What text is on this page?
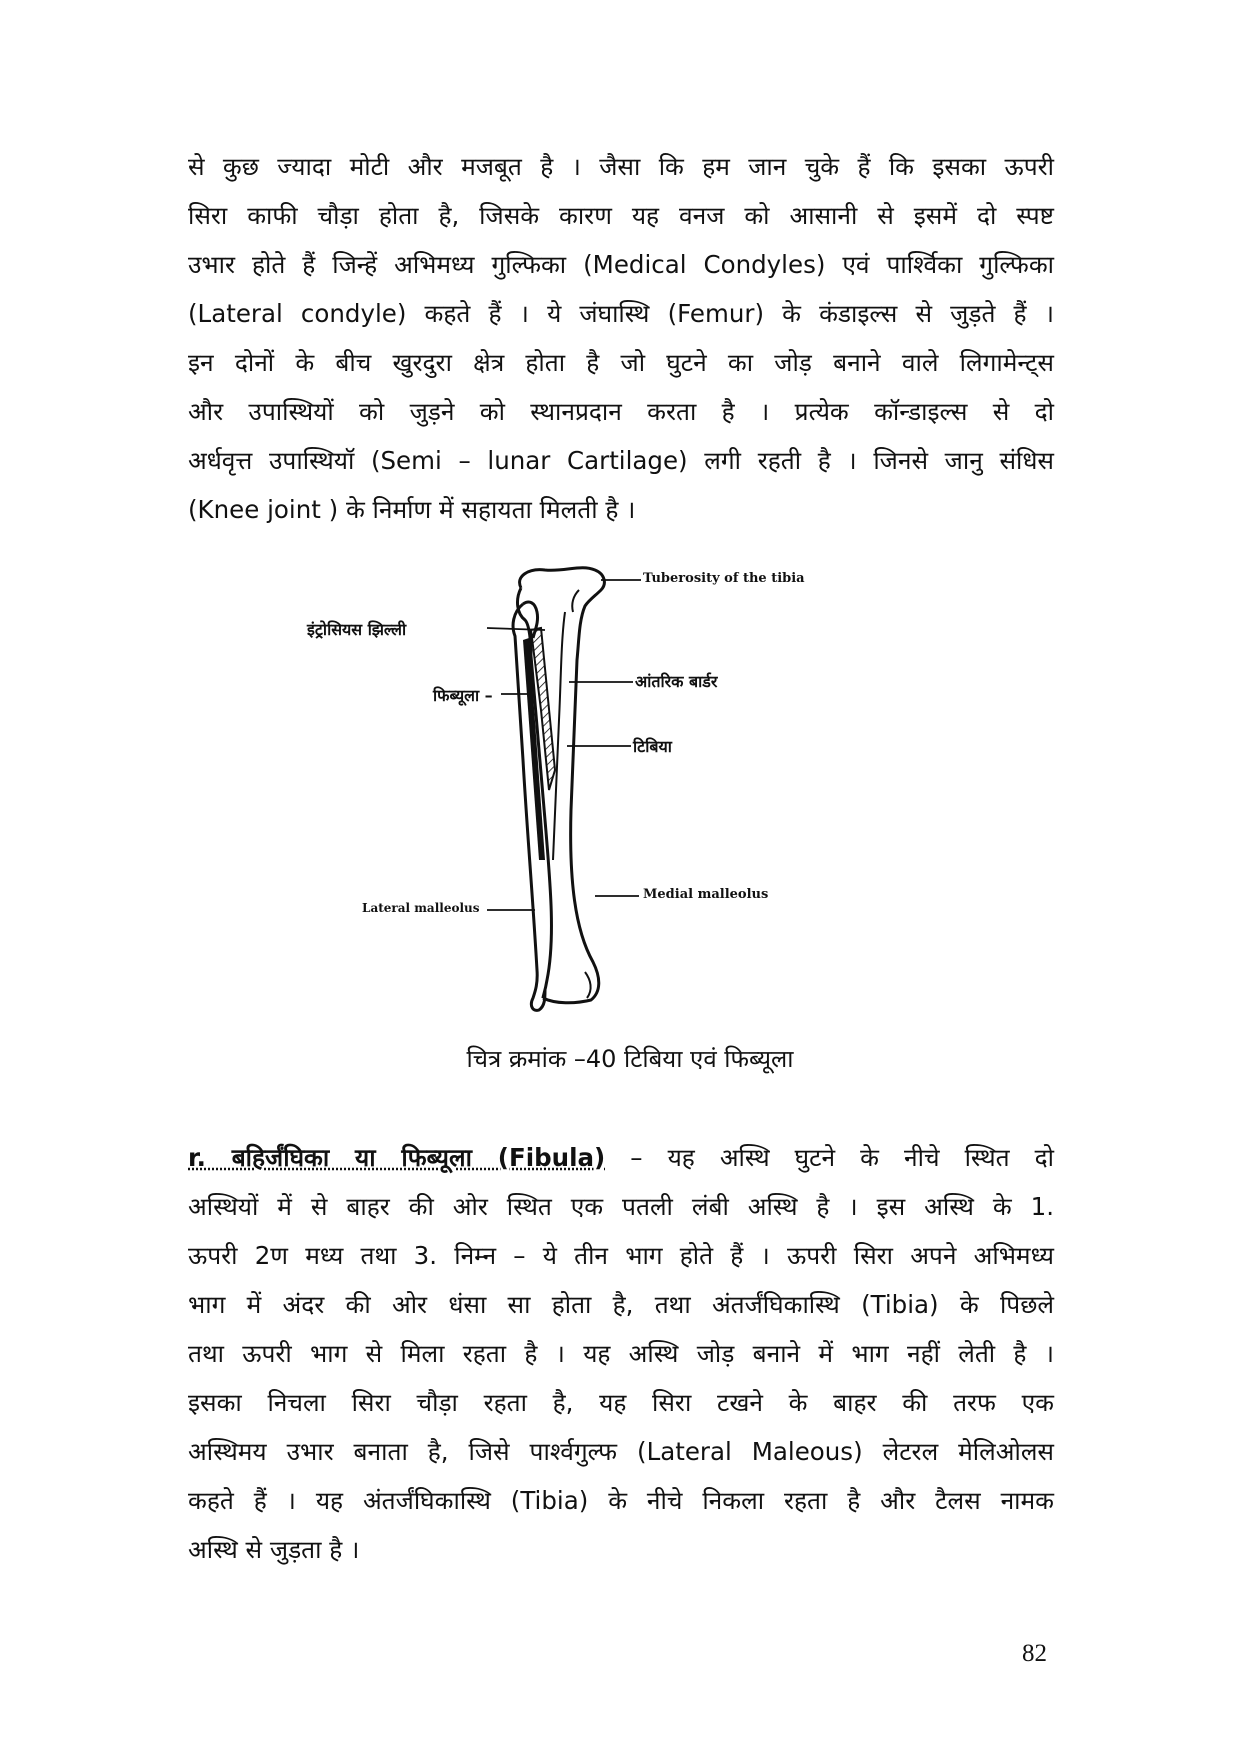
से कुछ ज्यादा मोटी और मजबूत है । जैसा कि हम जान चुके हैं कि इसका ऊपरी
सिरा काफी चौड़ा होता है, जिसके कारण यह वनज को आसानी से इसमें दो स्पष्ट
उभार होते हैं जिन्हें अभिमध्य गुल्फिका (Medical Condyles) एवं पार्श्विका गुल्फिका
(Lateral condyle) कहते हैं । ये जंघास्थि (Femur) के कंडाइल्स से जुड़ते हैं ।
इन दोनों के बीच खुरदुरा क्षेत्र होता है जो घुटने का जोड़ बनाने वाले लिगामेन्ट्स
और उपास्थियों को जुड़ने को स्थानप्रदान करता है । प्रत्येक कॉन्डाइल्स से दो
अर्धवृत्त उपास्थियॉ (Semi – lunar Cartilage) लगी रहती है । जिनसे जानु संधिस
(Knee joint ) के निर्माण में सहायता मिलती है ।
Tuberosity of the tibia
इंट्रोसियस झिल्ली
आंतरिक बार्डर
फिब्यूला –
टिबिया
Medial malleolus
Lateral malleolus
चित्र क्रमांक –40 टिबिया एवं फिब्यूला
r. बहिर्जंघिका या फिब्यूला (Fibula) – यह अस्थि घुटने के नीचे स्थित दो
अस्थियों में से बाहर की ओर स्थित एक पतली लंबी अस्थि है । इस अस्थि के 1.
ऊपरी 2ण मध्य तथा 3. निम्न – ये तीन भाग होते हैं । ऊपरी सिरा अपने अभिमध्य
भाग में अंदर की ओर धंसा सा होता है, तथा अंतर्जंघिकास्थि (Tibia) के पिछले
तथा ऊपरी भाग से मिला रहता है । यह अस्थि जोड़ बनाने में भाग नहीं लेती है ।
इसका निचला सिरा चौड़ा रहता है, यह सिरा टखने के बाहर की तरफ एक
अस्थिमय उभार बनाता है, जिसे पार्श्वगुल्फ (Lateral Maleous) लेटरल मेलिओलस
कहते हैं । यह अंतर्जंघिकास्थि (Tibia) के नीचे निकला रहता है और टैलस नामक
अस्थि से जुड़ता है ।
82
